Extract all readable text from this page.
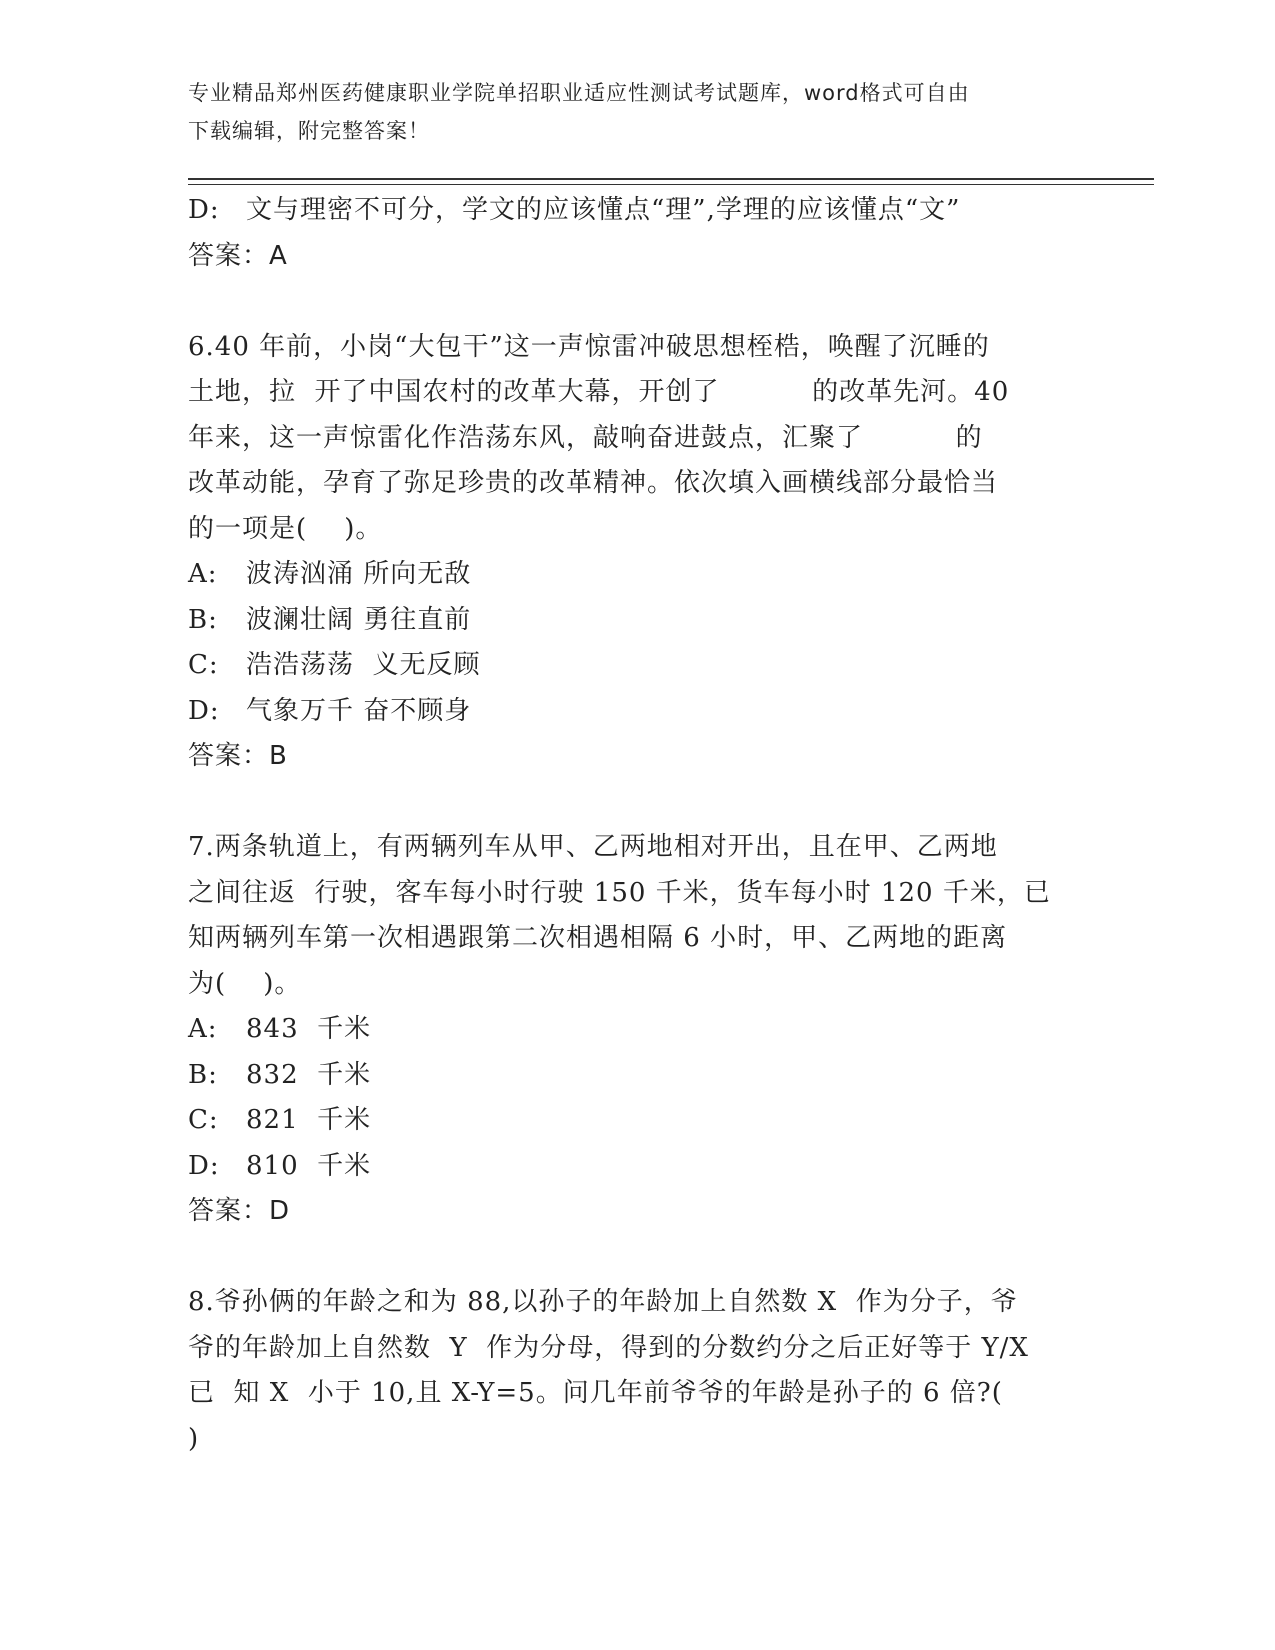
专业精品郑州医药健康职业学院单招职业适应性测试考试题库，word格式可自由
下载编辑，附完整答案！
D: 文与理密不可分，学文的应该懂点“理”,学理的应该懂点“文”
答案：A
6.40 年前，小岗“大包干”这一声惊雷冲破思想桎梏，唤醒了沉睡的
土地，拉  开了中国农村的改革大幕，开创了          的改革先河。40
年来，这一声惊雷化作浩荡东风，敲响奋进鼓点，汇聚了          的
改革动能，孕育了弥足珍贵的改革精神。依次填入画横线部分最恰当
的一项是(    )。
A: 波涛汹涌 所向无敌
B: 波澜壮阔 勇往直前
C: 浩浩荡荡  义无反顾
D: 气象万千 奋不顾身
答案：B
7.两条轨道上，有两辆列车从甲、乙两地相对开出，且在甲、乙两地
之间往返  行驶，客车每小时行驶 150 千米，货车每小时 120 千米，已
知两辆列车第一次相遇跟第二次相遇相隔 6 小时，甲、乙两地的距离
为(    )。
A: 843  千米
B: 832  千米
C: 821  千米
D: 810  千米
答案：D
8.爷孙俩的年龄之和为 88,以孙子的年龄加上自然数 X  作为分子，爷
爷的年龄加上自然数  Y  作为分母，得到的分数约分之后正好等于 Y/X
已  知 X  小于 10,且 X-Y=5。问几年前爷爷的年龄是孙子的 6 倍?(
)
